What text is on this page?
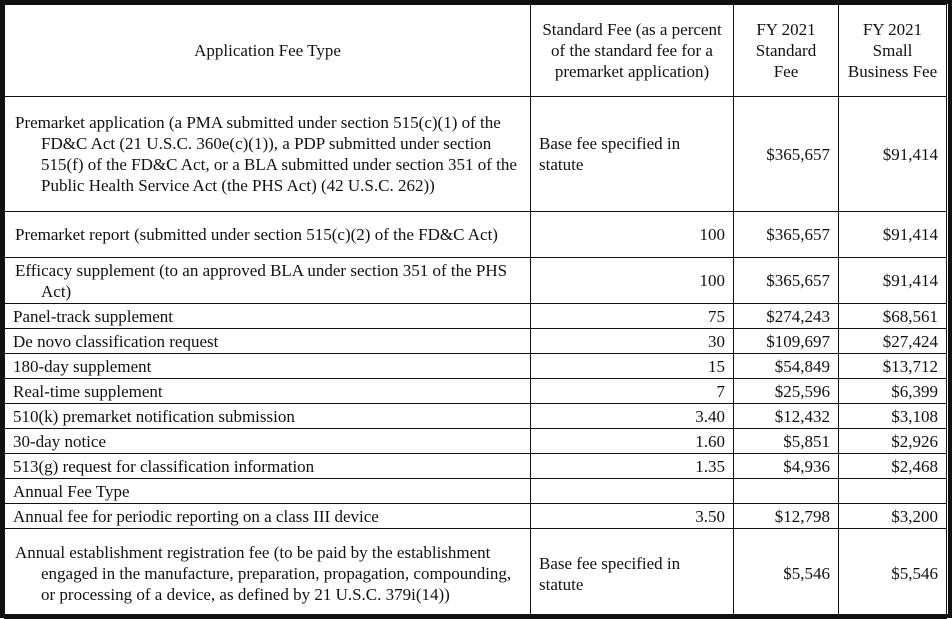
Application Fee Type	Standard Fee (as a percent of the standard fee for a premarket application)	FY 2021 Standard Fee	FY 2021 Small Business Fee
Premarket application (a PMA submitted under section 515(c)(1) of the FD&C Act (21 U.S.C. 360e(c)(1)), a PDP submitted under section 515(f) of the FD&C Act, or a BLA submitted under section 351 of the Public Health Service Act (the PHS Act) (42 U.S.C. 262))	Base fee specified in statute	$365,657	$91,414
Premarket report (submitted under section 515(c)(2) of the FD&C Act)	100	$365,657	$91,414
Efficacy supplement (to an approved BLA under section 351 of the PHS Act)	100	$365,657	$91,414
Panel-track supplement	75	$274,243	$68,561
De novo classification request	30	$109,697	$27,424
180-day supplement	15	$54,849	$13,712
Real-time supplement	7	$25,596	$6,399
510(k) premarket notification submission	3.40	$12,432	$3,108
30-day notice	1.60	$5,851	$2,926
513(g) request for classification information	1.35	$4,936	$2,468
Annual Fee Type			
Annual fee for periodic reporting on a class III device	3.50	$12,798	$3,200
Annual establishment registration fee (to be paid by the establishment engaged in the manufacture, preparation, propagation, compounding, or processing of a device, as defined by 21 U.S.C. 379i(14))	Base fee specified in statute	$5,546	$5,546
